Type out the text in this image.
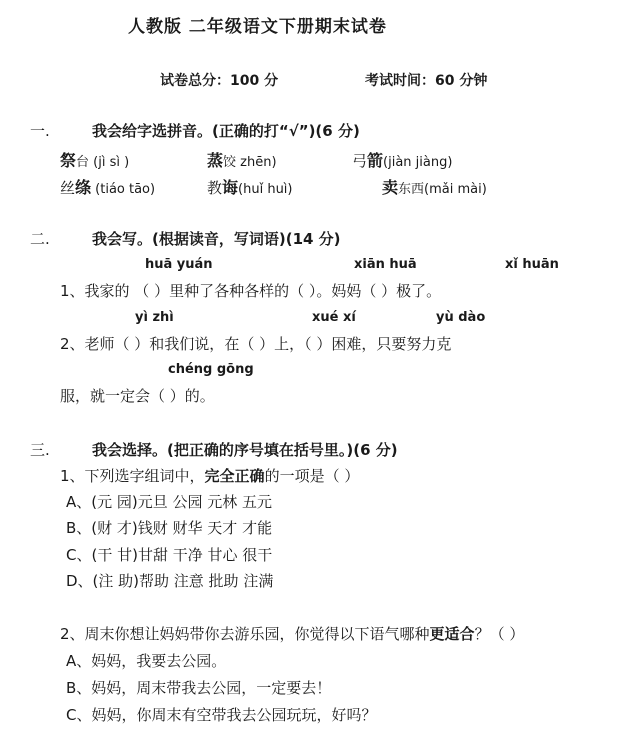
人教版 二年级语文下册期末试卷
试卷总分：100 分	考试时间：60 分钟
一.	我会给字选拼音。(正确的打“√”)(6 分)
祭台 (jì sì )	蒸饺 zhēn)	弓箭(jiàn jiàng)
丝绦 (tiáo tāo)	教诲(huǐ huì)	卖东西(mǎi mài)
二.	我会写。(根据读音，写词语)(14 分)
huā yuán	xiān huā	xǐ huān
1、我家的 （ ）里种了各种各样的（ ）。妈妈（ ）极了。
yì zhì	xué xí	yù dào
2、老师（ ）和我们说，在（ ）上，（ ）困难，只要努力克
chéng gōng
服，就一定会（ ）的。
三.	我会选择。(把正确的序号填在括号里。)(6 分)
1、下列选字组词中，完全正确的一项是（ ）
A、(元 园)元旦 公园 元林 五元
B、(财 才)钱财 财华 天才 才能
C、(干 甘)甘甜 干净 甘心 很干
D、(注 助)帮助 注意 批助 注满
2、周末你想让妈妈带你去游乐园，你觉得以下语气哪种更适合？（ ）
A、妈妈，我要去公园。
B、妈妈，周末带我去公园，一定要去！
C、妈妈，你周末有空带我去公园玩玩，好吗？
